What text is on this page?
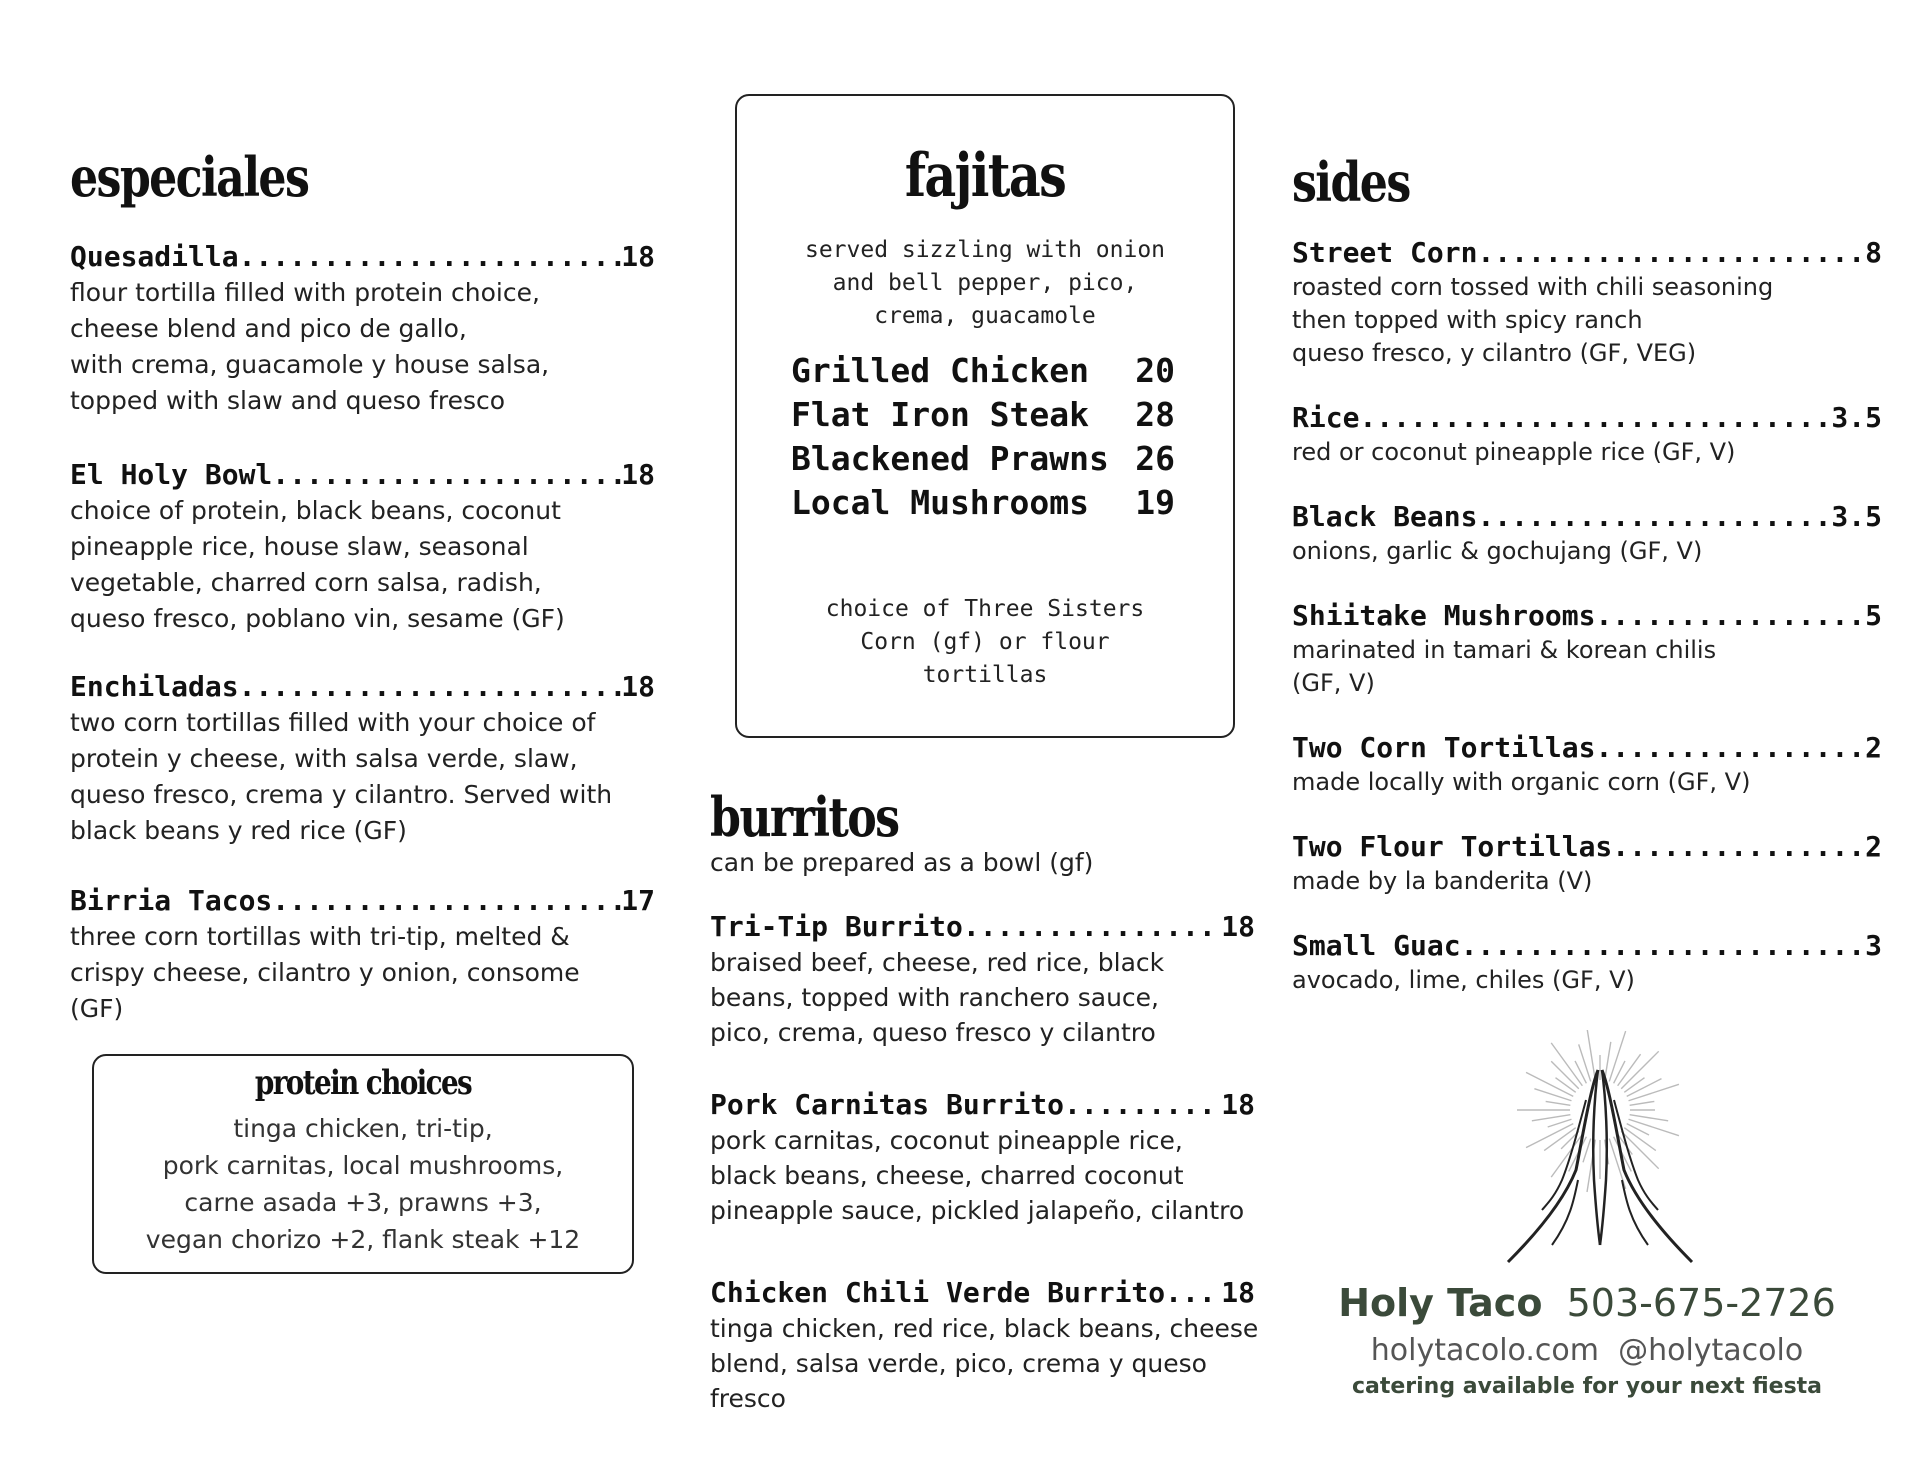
especiales
Quesadilla .....	18
flour tortilla filled with protein choice,
cheese blend and pico de gallo,
with crema, guacamole y house salsa,
topped with slaw and queso fresco
El Holy Bowl .....	18
choice of protein, black beans, coconut
pineapple rice, house slaw, seasonal
vegetable, charred corn salsa, radish,
queso fresco, poblano vin, sesame (GF)
Enchiladas .....	18
two corn tortillas filled with your choice of
protein y cheese, with salsa verde, slaw,
queso fresco, crema y cilantro. Served with
black beans y red rice (GF)
Birria Tacos .....	17
three corn tortillas with tri-tip, melted &
crispy cheese, cilantro y onion, consome
(GF)
protein choices
tinga chicken, tri-tip,
pork carnitas, local mushrooms,
carne asada +3, prawns +3,
vegan chorizo +2, flank steak +12
fajitas
served sizzling with onion
and bell pepper, pico,
crema, guacamole
Grilled Chicken 20
Flat Iron Steak 28
Blackened Prawns 26
Local Mushrooms 19
choice of Three Sisters
Corn (gf) or flour
tortillas
burritos
can be prepared as a bowl (gf)
Tri-Tip Burrito .....	18
braised beef, cheese, red rice, black
beans, topped with ranchero sauce,
pico, crema, queso fresco y cilantro
Pork Carnitas Burrito .....	18
pork carnitas, coconut pineapple rice,
black beans, cheese, charred coconut
pineapple sauce, pickled jalapeño, cilantro
Chicken Chili Verde Burrito ..... 18
tinga chicken, red rice, black beans, cheese
blend, salsa verde, pico, crema y queso
fresco
sides
Street Corn .....	8
roasted corn tossed with chili seasoning
then topped with spicy ranch
queso fresco, y cilantro (GF, VEG)
Rice .....	3.5
red or coconut pineapple rice (GF, V)
Black Beans .....	3.5
onions, garlic & gochujang (GF, V)
Shiitake Mushrooms .....	5
marinated in tamari & korean chilis
(GF, V)
Two Corn Tortillas .....	2
made locally with organic corn (GF, V)
Two Flour Tortillas .....	2
made by la banderita (V)
Small Guac .....	3
avocado, lime, chiles (GF, V)
Holy Taco 503-675-2726
holytacolo.com @holytacolo
catering available for your next fiesta
